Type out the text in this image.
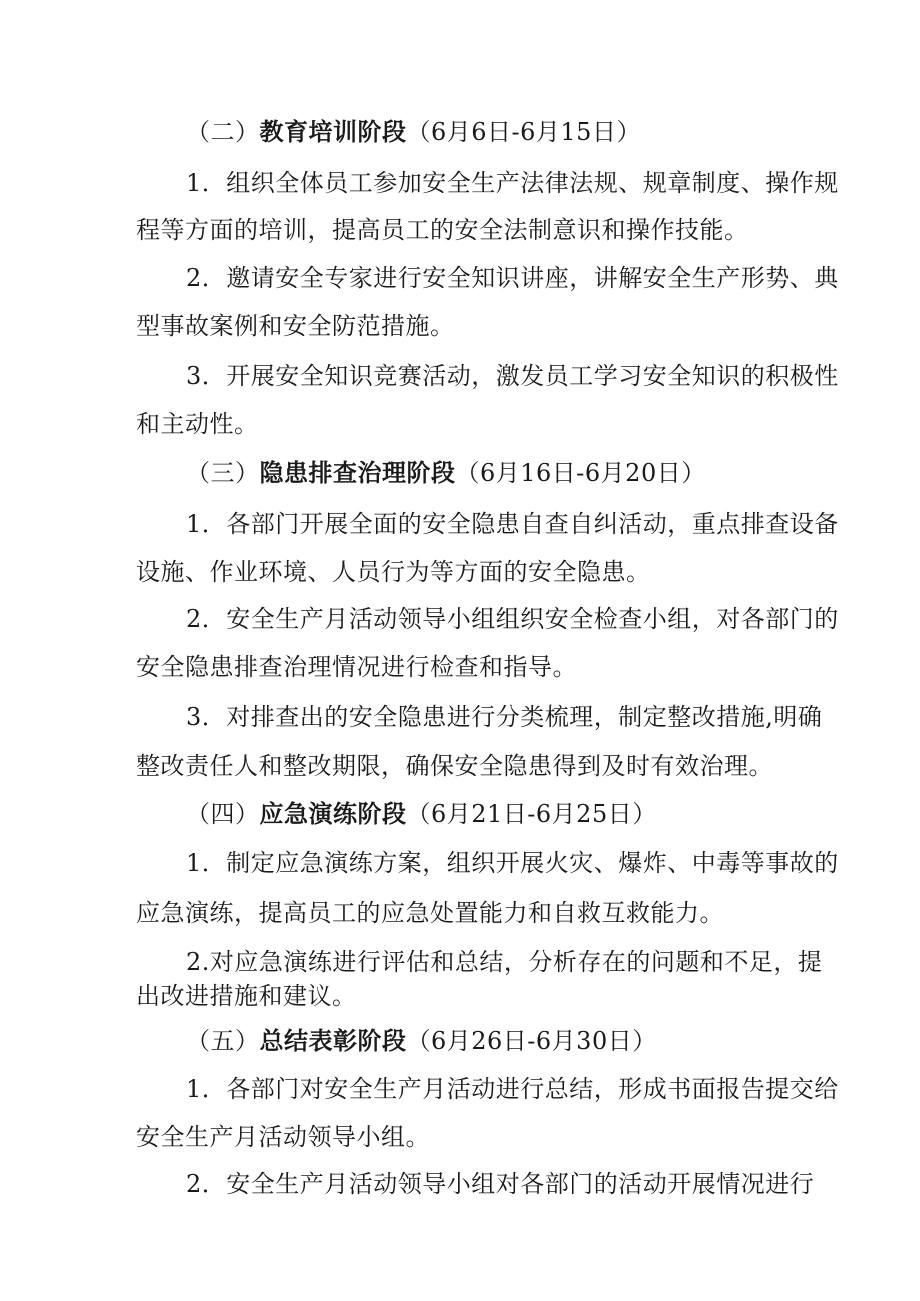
（二）教育培训阶段（6月6日-6月15日）
1．组织全体员工参加安全生产法律法规、规章制度、操作规
程等方面的培训，提高员工的安全法制意识和操作技能。
2．邀请安全专家进行安全知识讲座，讲解安全生产形势、典
型事故案例和安全防范措施。
3．开展安全知识竞赛活动，激发员工学习安全知识的积极性
和主动性。
（三）隐患排查治理阶段（6月16日-6月20日）
1．各部门开展全面的安全隐患自查自纠活动，重点排查设备
设施、作业环境、人员行为等方面的安全隐患。
2．安全生产月活动领导小组组织安全检查小组，对各部门的
安全隐患排查治理情况进行检查和指导。
3．对排查出的安全隐患进行分类梳理，制定整改措施,明确
整改责任人和整改期限，确保安全隐患得到及时有效治理。
（四）应急演练阶段（6月21日-6月25日）
1．制定应急演练方案，组织开展火灾、爆炸、中毒等事故的
应急演练，提高员工的应急处置能力和自救互救能力。
2.对应急演练进行评估和总结，分析存在的问题和不足，提
出改进措施和建议。
（五）总结表彰阶段（6月26日-6月30日）
1．各部门对安全生产月活动进行总结，形成书面报告提交给
安全生产月活动领导小组。
2．安全生产月活动领导小组对各部门的活动开展情况进行
